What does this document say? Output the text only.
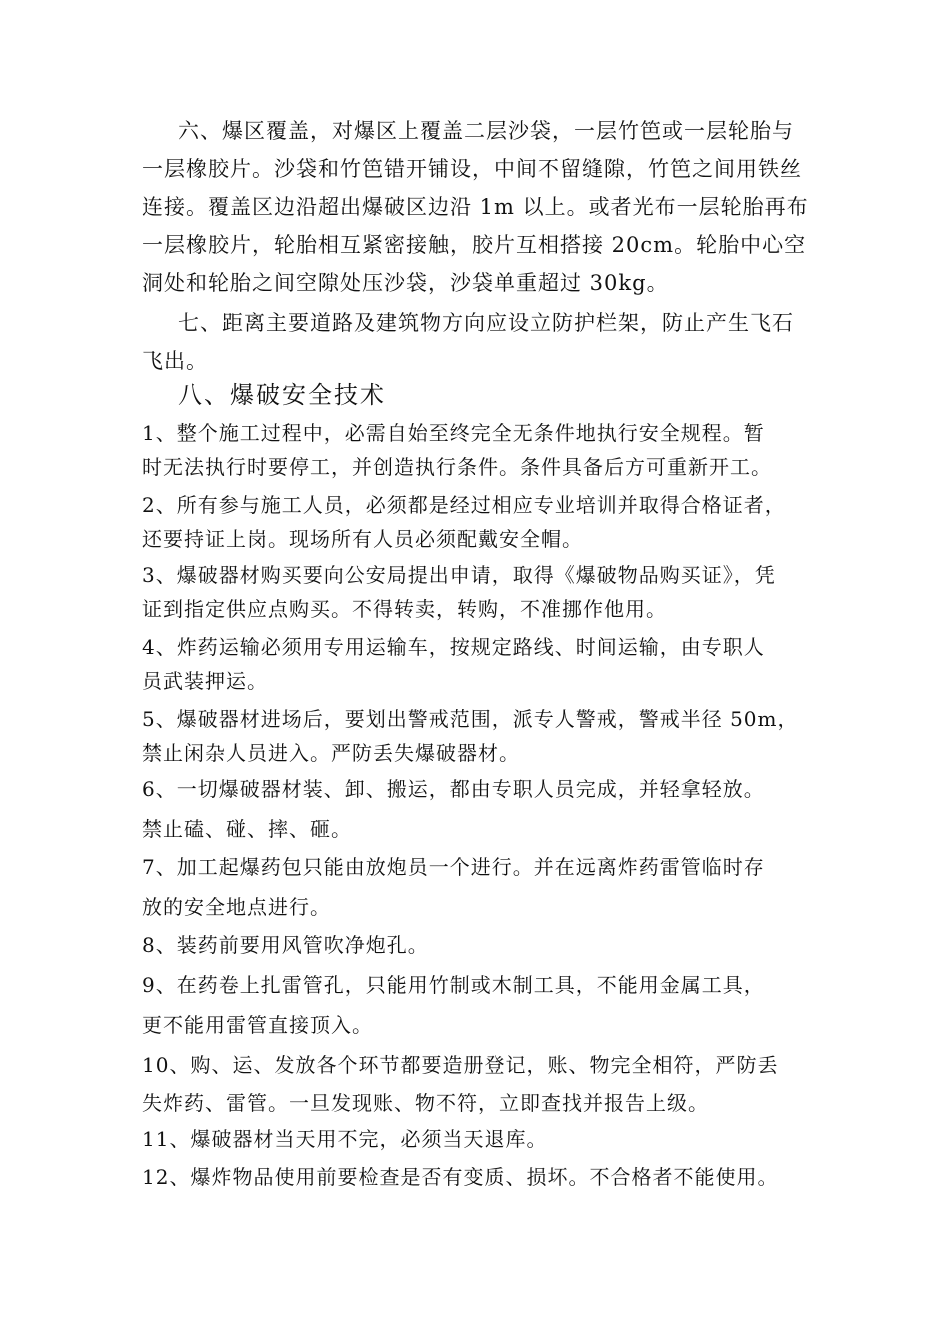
六、爆区覆盖，对爆区上覆盖二层沙袋，一层竹笆或一层轮胎与
一层橡胶片。沙袋和竹笆错开铺设，中间不留缝隙，竹笆之间用铁丝
连接。覆盖区边沿超出爆破区边沿 1m 以上。或者光布一层轮胎再布
一层橡胶片，轮胎相互紧密接触，胶片互相搭接 20cm。轮胎中心空
洞处和轮胎之间空隙处压沙袋，沙袋单重超过 30kg。
七、距离主要道路及建筑物方向应设立防护栏架，防止产生飞石
飞出。
八、爆破安全技术
1、整个施工过程中，必需自始至终完全无条件地执行安全规程。暂
时无法执行时要停工，并创造执行条件。条件具备后方可重新开工。
2、所有参与施工人员，必须都是经过相应专业培训并取得合格证者，
还要持证上岗。现场所有人员必须配戴安全帽。
3、爆破器材购买要向公安局提出申请，取得《爆破物品购买证》，凭
证到指定供应点购买。不得转卖，转购，不准挪作他用。
4、炸药运输必须用专用运输车，按规定路线、时间运输，由专职人
员武装押运。
5、爆破器材进场后，要划出警戒范围，派专人警戒，警戒半径 50m，
禁止闲杂人员进入。严防丢失爆破器材。
6、一切爆破器材装、卸、搬运，都由专职人员完成，并轻拿轻放。
禁止磕、碰、摔、砸。
7、加工起爆药包只能由放炮员一个进行。并在远离炸药雷管临时存
放的安全地点进行。
8、装药前要用风管吹净炮孔。
9、在药卷上扎雷管孔，只能用竹制或木制工具，不能用金属工具，
更不能用雷管直接顶入。
10、购、运、发放各个环节都要造册登记，账、物完全相符，严防丢
失炸药、雷管。一旦发现账、物不符，立即查找并报告上级。
11、爆破器材当天用不完，必须当天退库。
12、爆炸物品使用前要检查是否有变质、损坏。不合格者不能使用。
